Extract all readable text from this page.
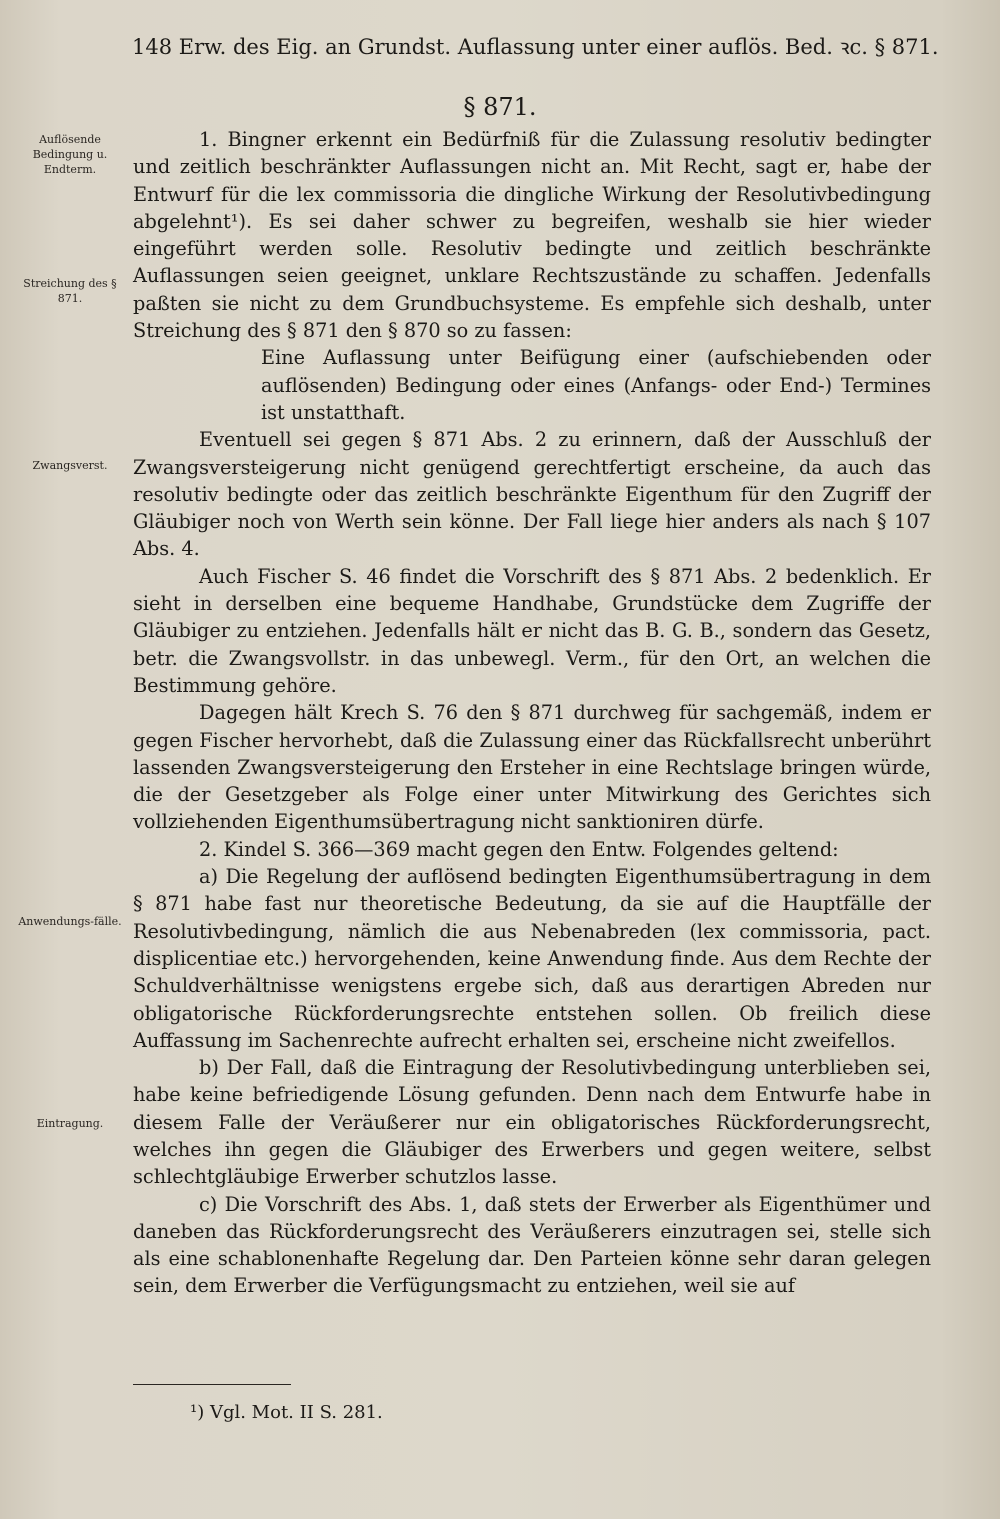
148 Erw. des Eig. an Grundst. Auflassung unter einer auflös. Bed. ꝛc. § 871.
§ 871.
Auflösende Bedingung u. Endterm.
Streichung des § 871.
Zwangsverst.
Anwendungs-fälle.
Eintragung.

1. Bingner erkennt ein Bedürfniß für die Zulassung resolutiv bedingter und zeitlich beschränkter Auflassungen nicht an. Mit Recht, sagt er, habe der Entwurf für die lex commissoria die dingliche Wirkung der Resolutivbedingung abgelehnt¹). Es sei daher schwer zu begreifen, weshalb sie hier wieder eingeführt werden solle. Resolutiv bedingte und zeitlich beschränkte Auflassungen seien geeignet, unklare Rechtszustände zu schaffen. Jedenfalls paßten sie nicht zu dem Grundbuchsysteme. Es empfehle sich deshalb, unter Streichung des § 871 den § 870 so zu fassen:

Eine Auflassung unter Beifügung einer (aufschiebenden oder auflösenden) Bedingung oder eines (Anfangs- oder End-) Termines ist unstatthaft.

Eventuell sei gegen § 871 Abs. 2 zu erinnern, daß der Ausschluß der Zwangsversteigerung nicht genügend gerechtfertigt erscheine, da auch das resolutiv bedingte oder das zeitlich beschränkte Eigenthum für den Zugriff der Gläubiger noch von Werth sein könne. Der Fall liege hier anders als nach § 107 Abs. 4.

Auch Fischer S. 46 findet die Vorschrift des § 871 Abs. 2 bedenklich. Er sieht in derselben eine bequeme Handhabe, Grundstücke dem Zugriffe der Gläubiger zu entziehen. Jedenfalls hält er nicht das B. G. B., sondern das Gesetz, betr. die Zwangsvollstr. in das unbewegl. Verm., für den Ort, an welchen die Bestimmung gehöre.

Dagegen hält Krech S. 76 den § 871 durchweg für sachgemäß, indem er gegen Fischer hervorhebt, daß die Zulassung einer das Rückfallsrecht unberührt lassenden Zwangsversteigerung den Ersteher in eine Rechtslage bringen würde, die der Gesetzgeber als Folge einer unter Mitwirkung des Gerichtes sich vollziehenden Eigenthumsübertragung nicht sanktioniren dürfe.

2. Kindel S. 366—369 macht gegen den Entw. Folgendes geltend:

a) Die Regelung der auflösend bedingten Eigenthumsübertragung in dem § 871 habe fast nur theoretische Bedeutung, da sie auf die Hauptfälle der Resolutivbedingung, nämlich die aus Nebenabreden (lex commissoria, pact. displicentiae etc.) hervorgehenden, keine Anwendung finde. Aus dem Rechte der Schuldverhältnisse wenigstens ergebe sich, daß aus derartigen Abreden nur obligatorische Rückforderungsrechte entstehen sollen. Ob freilich diese Auffassung im Sachenrechte aufrecht erhalten sei, erscheine nicht zweifellos.

b) Der Fall, daß die Eintragung der Resolutivbedingung unterblieben sei, habe keine befriedigende Lösung gefunden. Denn nach dem Entwurfe habe in diesem Falle der Veräußerer nur ein obligatorisches Rückforderungsrecht, welches ihn gegen die Gläubiger des Erwerbers und gegen weitere, selbst schlechtgläubige Erwerber schutzlos lasse.

c) Die Vorschrift des Abs. 1, daß stets der Erwerber als Eigenthümer und daneben das Rückforderungsrecht des Veräußerers einzutragen sei, stelle sich als eine schablonenhafte Regelung dar. Den Parteien könne sehr daran gelegen sein, dem Erwerber die Verfügungsmacht zu entziehen, weil sie auf

¹) Vgl. Mot. II S. 281.
